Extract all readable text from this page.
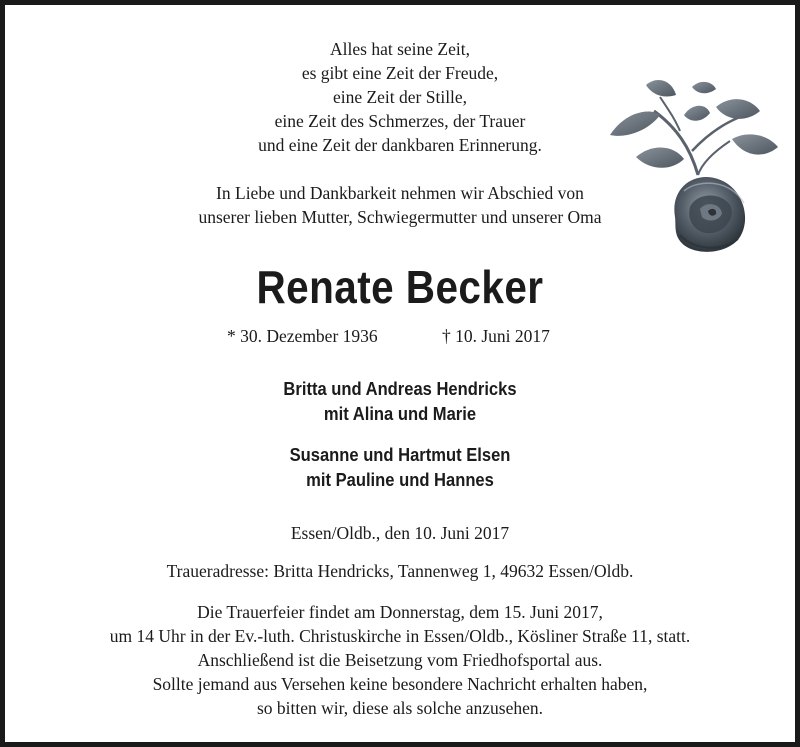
Alles hat seine Zeit,
es gibt eine Zeit der Freude,
eine Zeit der Stille,
eine Zeit des Schmerzes, der Trauer
und eine Zeit der dankbaren Erinnerung.
In Liebe und Dankbarkeit nehmen wir Abschied von
unserer lieben Mutter, Schwiegermutter und unserer Oma
Renate Becker
* 30. Dezember 1936	† 10. Juni 2017
Britta und Andreas Hendricks
mit Alina und Marie
Susanne und Hartmut Elsen
mit Pauline und Hannes
Essen/Oldb., den 10. Juni 2017
Traueradresse: Britta Hendricks, Tannenweg 1, 49632 Essen/Oldb.
Die Trauerfeier findet am Donnerstag, dem 15. Juni 2017,
um 14 Uhr in der Ev.-luth. Christuskirche in Essen/Oldb., Kösliner Straße 11, statt.
Anschließend ist die Beisetzung vom Friedhofsportal aus.
Sollte jemand aus Versehen keine besondere Nachricht erhalten haben,
so bitten wir, diese als solche anzusehen.
